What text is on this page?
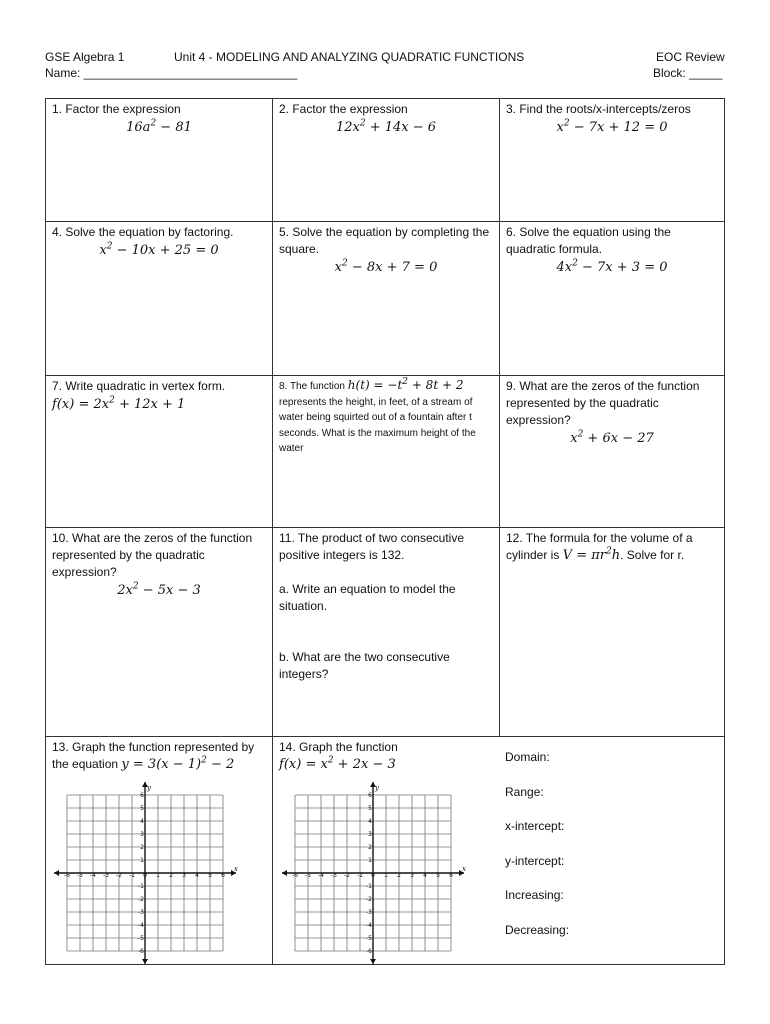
GSE Algebra 1	Unit 4 - MODELING AND ANALYZING QUADRATIC FUNCTIONS	EOC Review
Name: ________________________________	Block: _____

1. Factor the expression

$16a^2 - 81$

2. Factor the expression

$12x^2 + 14x - 6$

3. Find the roots/x-intercepts/zeros

$x^2 - 7x + 12 = 0$

4. Solve the equation by factoring.

$x^2 - 10x + 25 = 0$

5. Solve the equation by completing the square.

$x^2 - 8x + 7 = 0$

6. Solve the equation using the quadratic formula.

$4x^2 - 7x + 3 = 0$

7. Write quadratic in vertex form.

$f(x) = 2x^2 + 12x + 1$

8. The function $h(t) = -t^2 + 8t + 2$ represents the height, in feet, of a stream of water being squirted out of a fountain after t seconds. What is the maximum height of the water

9. What are the zeros of the function represented by the quadratic expression?

$x^2 + 6x - 27$

10. What are the zeros of the function represented by the quadratic expression?

$2x^2 - 5x - 3$

11. The product of two consecutive positive integers is 132.

a. Write an equation to model the situation.

b. What are the two consecutive integers?

12. The formula for the volume of a cylinder is $V = \pi r^2h$. Solve for r.

13. Graph the function represented by the equation $y = 3(x - 1)^2 - 2$

14. Graph the function

$f(x) = x^2 + 2x - 3$
-6 -5 -4 -3 -2 -1 0 1 2 3 4 5 6
6
5
4
3
2
1
-1
-2
-3
-4
-5
-6
x
y
-6 -5 -4 -3 -2 -1 0 1 2 3 4 5 6
6
5
4
3
2
1
-1
-2
-3
-4
-5
-6
x
y
Domain:
Range:
x-intercept:
y-intercept:
Increasing:
Decreasing:
